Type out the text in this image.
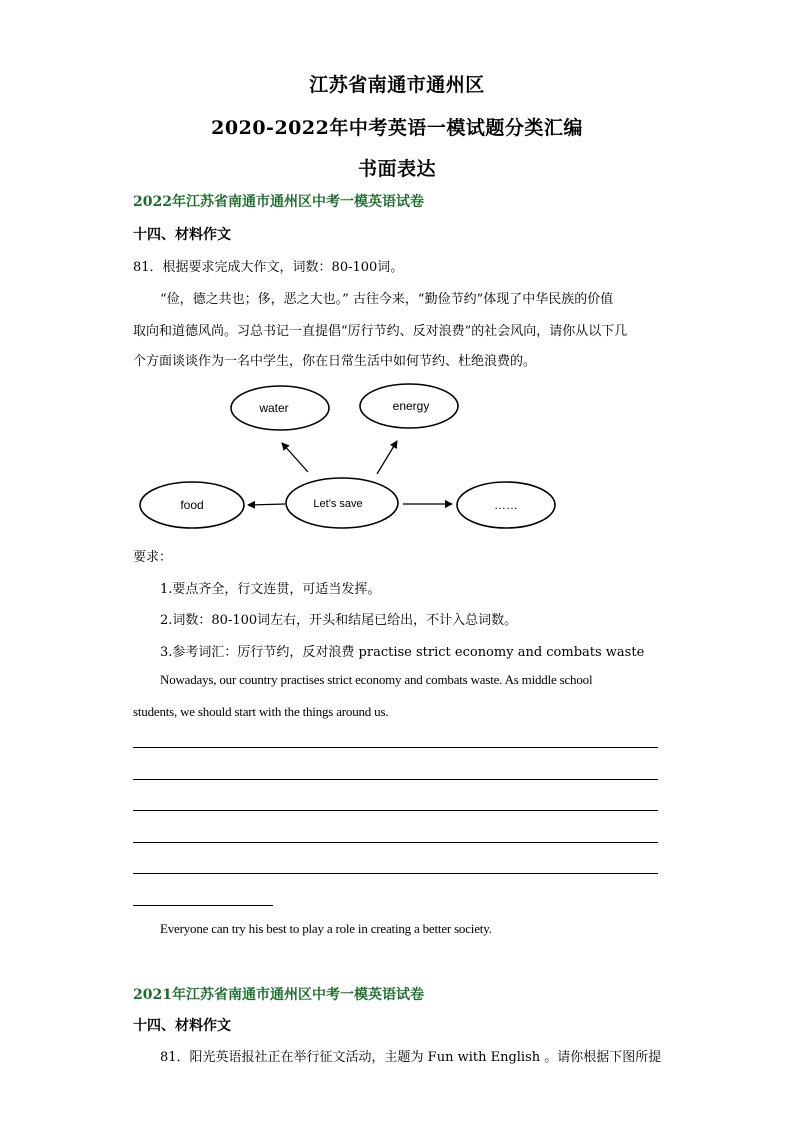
江苏省南通市通州区
2020-2022年中考英语一模试题分类汇编
书面表达
2022年江苏省南通市通州区中考一模英语试卷
十四、材料作文
81．根据要求完成大作文，词数：80-100词。
“俭，德之共也；侈，恶之大也。” 古往今来，“勤俭节约”体现了中华民族的价值
取向和道德风尚。习总书记一直提倡“厉行节约、反对浪费”的社会风向，请你从以下几
个方面谈谈作为一名中学生，你在日常生活中如何节约、杜绝浪费的。
water	energy
food	Let’s save	……
要求：
1.要点齐全，行文连贯，可适当发挥。
2.词数：80-100词左右，开头和结尾已给出，不计入总词数。
3.参考词汇：厉行节约，反对浪费 practise strict economy and combats waste
Nowadays, our country practises strict economy and combats waste. As middle school
students, we should start with the things around us.
Everyone can try his best to play a role in creating a better society.
2021年江苏省南通市通州区中考一模英语试卷
十四、材料作文
81．阳光英语报社正在举行征文活动，主题为 Fun with English 。请你根据下图所提
